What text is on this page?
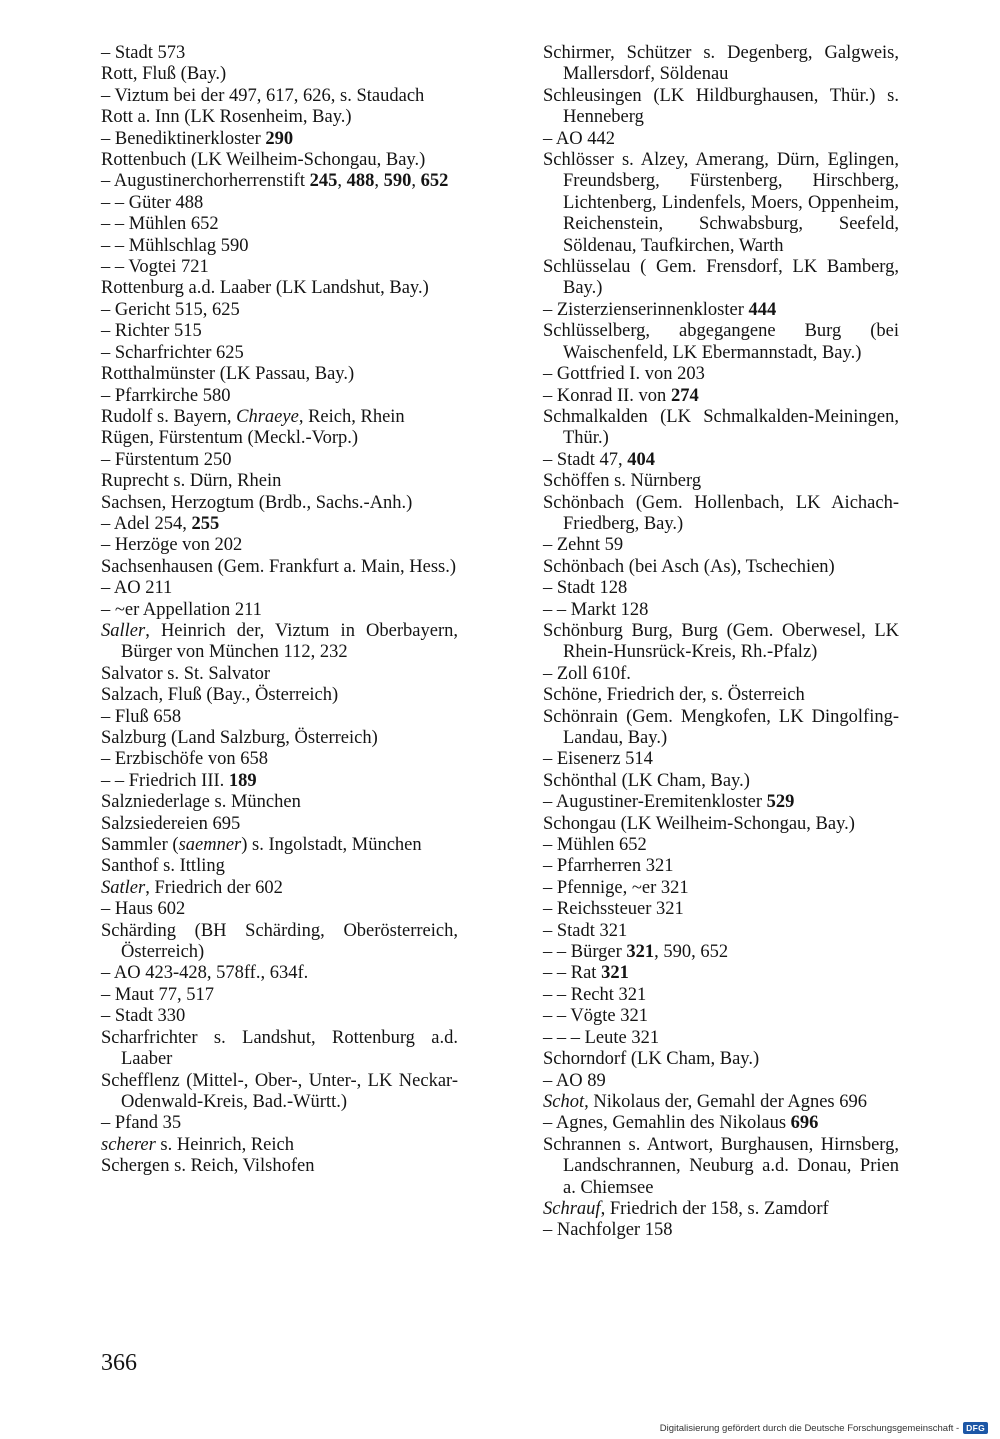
– Stadt 573
Rott, Fluß (Bay.)
– Viztum bei der 497, 617, 626, s. Staudach
Rott a. Inn (LK Rosenheim, Bay.)
– Benediktinerkloster 290
Rottenbuch (LK Weilheim-Schongau, Bay.)
– Augustinerchorherrenstift 245, 488, 590, 652
– – Güter 488
– – Mühlen 652
– – Mühlschlag 590
– – Vogtei 721
Rottenburg a.d. Laaber (LK Landshut, Bay.)
– Gericht 515, 625
– Richter 515
– Scharfrichter 625
Rotthalmünster (LK Passau, Bay.)
– Pfarrkirche 580
Rudolf s. Bayern, Chraeye, Reich, Rhein
Rügen, Fürstentum (Meckl.-Vorp.)
– Fürstentum 250
Ruprecht s. Dürn, Rhein
Sachsen, Herzogtum (Brdb., Sachs.-Anh.)
– Adel 254, 255
– Herzöge von 202
Sachsenhausen (Gem. Frankfurt a. Main, Hess.)
– AO 211
– ~er Appellation 211
Saller, Heinrich der, Viztum in Oberbayern, Bürger von München 112, 232
Salvator s. St. Salvator
Salzach, Fluß (Bay., Österreich)
– Fluß 658
Salzburg (Land Salzburg, Österreich)
– Erzbischöfe von 658
– – Friedrich III. 189
Salzniederlage s. München
Salzsiedereien 695
Sammler (saemner) s. Ingolstadt, München
Santhof s. Ittling
Satler, Friedrich der 602
– Haus 602
Schärding (BH Schärding, Oberösterreich, Österreich)
– AO 423-428, 578ff., 634f.
– Maut 77, 517
– Stadt 330
Scharfrichter s. Landshut, Rottenburg a.d. Laaber
Schefflenz (Mittel-, Ober-, Unter-, LK Neckar-Odenwald-Kreis, Bad.-Württ.)
– Pfand 35
scherer s. Heinrich, Reich
Schergen s. Reich, Vilshofen
Schirmer, Schützer s. Degenberg, Galgweis, Mallersdorf, Söldenau
Schleusingen (LK Hildburghausen, Thür.) s. Henneberg
– AO 442
Schlösser s. Alzey, Amerang, Dürn, Eglingen, Freundsberg, Fürstenberg, Hirschberg, Lichtenberg, Lindenfels, Moers, Oppenheim, Reichenstein, Schwabsburg, Seefeld, Söldenau, Taufkirchen, Warth
Schlüsselau ( Gem. Frensdorf, LK Bamberg, Bay.)
– Zisterzienserinnenkloster 444
Schlüsselberg, abgegangene Burg (bei Waischenfeld, LK Ebermannstadt, Bay.)
– Gottfried I. von 203
– Konrad II. von 274
Schmalkalden (LK Schmalkalden-Meiningen, Thür.)
– Stadt 47, 404
Schöffen s. Nürnberg
Schönbach (Gem. Hollenbach, LK Aichach-Friedberg, Bay.)
– Zehnt 59
Schönbach (bei Asch (As), Tschechien)
– Stadt 128
– – Markt 128
Schönburg Burg, Burg (Gem. Oberwesel, LK Rhein-Hunsrück-Kreis, Rh.-Pfalz)
– Zoll 610f.
Schöne, Friedrich der, s. Österreich
Schönrain (Gem. Mengkofen, LK Dingolfing-Landau, Bay.)
– Eisenerz 514
Schönthal (LK Cham, Bay.)
– Augustiner-Eremitenkloster 529
Schongau (LK Weilheim-Schongau, Bay.)
– Mühlen 652
– Pfarrherren 321
– Pfennige, ~er 321
– Reichssteuer 321
– Stadt 321
– – Bürger 321, 590, 652
– – Rat 321
– – Recht 321
– – Vögte 321
– – – Leute 321
Schorndorf (LK Cham, Bay.)
– AO 89
Schot, Nikolaus der, Gemahl der Agnes 696
– Agnes, Gemahlin des Nikolaus 696
Schrannen s. Antwort, Burghausen, Hirnsberg, Landschrannen, Neuburg a.d. Donau, Prien a. Chiemsee
Schrauf, Friedrich der 158, s. Zamdorf
– Nachfolger 158
366
Digitalisierung gefördert durch die Deutsche Forschungsgemeinschaft - DFG
